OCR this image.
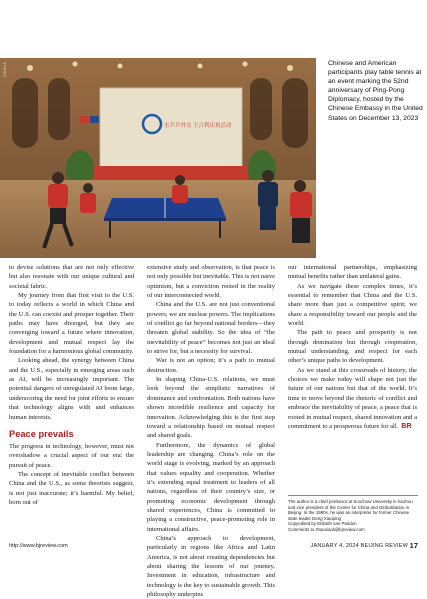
水乒乒外交 王吉利庆祝活动
XINHUA	Chinese and American participants play table tennis at an event marking the 52nd anniversary of Ping-Pong Diplomacy, hosted by the Chinese Embassy in the United States on December 13, 2023

to devise solutions that are not only effective but also resonate with our unique cultural and societal fabric.

My journey from that first visit to the U.S. to today reflects a world in which China and the U.S. can coexist and prosper together. Their paths may have diverged, but they are converging toward a future where innovation, development and mutual respect lay the foundation for a harmonious global community.

Looking ahead, the synergy between China and the U.S., especially in emerging areas such as AI, will be increasingly important. The potential dangers of unregulated AI loom large, underscoring the need for joint efforts to ensure that technology aligns with and enhances human interests.

Peace prevails

The progress in technology, however, must not overshadow a crucial aspect of our era: the pursuit of peace.

The concept of inevitable conflict between China and the U.S., as some theorists suggest, is not just inaccurate; it’s harmful. My belief, born out of

extensive study and observation, is that peace is not only possible but inevitable. This is not naive optimism, but a conviction rooted in the reality of our interconnected world.

China and the U.S. are not just conventional powers; we are nuclear powers. The implications of conflict go far beyond national borders—they threaten global stability. So the idea of “the inevitability of peace” becomes not just an ideal to strive for, but a necessity for survival.

War is not an option; it’s a path to mutual destruction.

In shaping China-U.S. relations, we must look beyond the simplistic narratives of dominance and confrontation. Both nations have shown incredible resilience and capacity for innovation. Acknowledging this is the first step toward a relationship based on mutual respect and shared goals.

Furthermore, the dynamics of global leadership are changing. China’s role on the world stage is evolving, marked by an approach that values equality and cooperation. Whether it’s extending equal treatment to leaders of all nations, regardless of their country’s size, or promoting economic development through shared experiences, China is committed to playing a constructive, peace-promoting role in international affairs.

China’s approach to development, particularly in regions like Africa and Latin America, is not about creating dependencies but about sharing the lessons of our journey. Investment in education, infrastructure and technology is the key to sustainable growth. This philosophy underpins

our international partnerships, emphasizing mutual benefits rather than unilateral gains.

As we navigate these complex times, it’s essential to remember that China and the U.S. share more than just a competitive spirit; we share a responsibility toward our people and the world.

The path to peace and prosperity is not through domination but through cooperation, mutual understanding, and respect for each other’s unique paths to development.

As we stand at this crossroads of history, the choices we make today will shape not just the future of our nations but that of the world. It’s time to move beyond the rhetoric of conflict and embrace the inevitability of peace, a peace that is rooted in mutual respect, shared innovation and a commitment to a prosperous future for all. BR

The author is a chief professor at Soochow University in Suzhou and vice president of the Center for China and Globalization in Beijing. In the 1990s, he was an interpreter for former Chinese state leader Deng Xiaoping
Copyedited by Elsbeth van Paridon
Comments to zhaoxiaoli@bjreview.com
http://www.bjreview.com	JANUARY 4, 2024 BEIJING REVIEW 17
